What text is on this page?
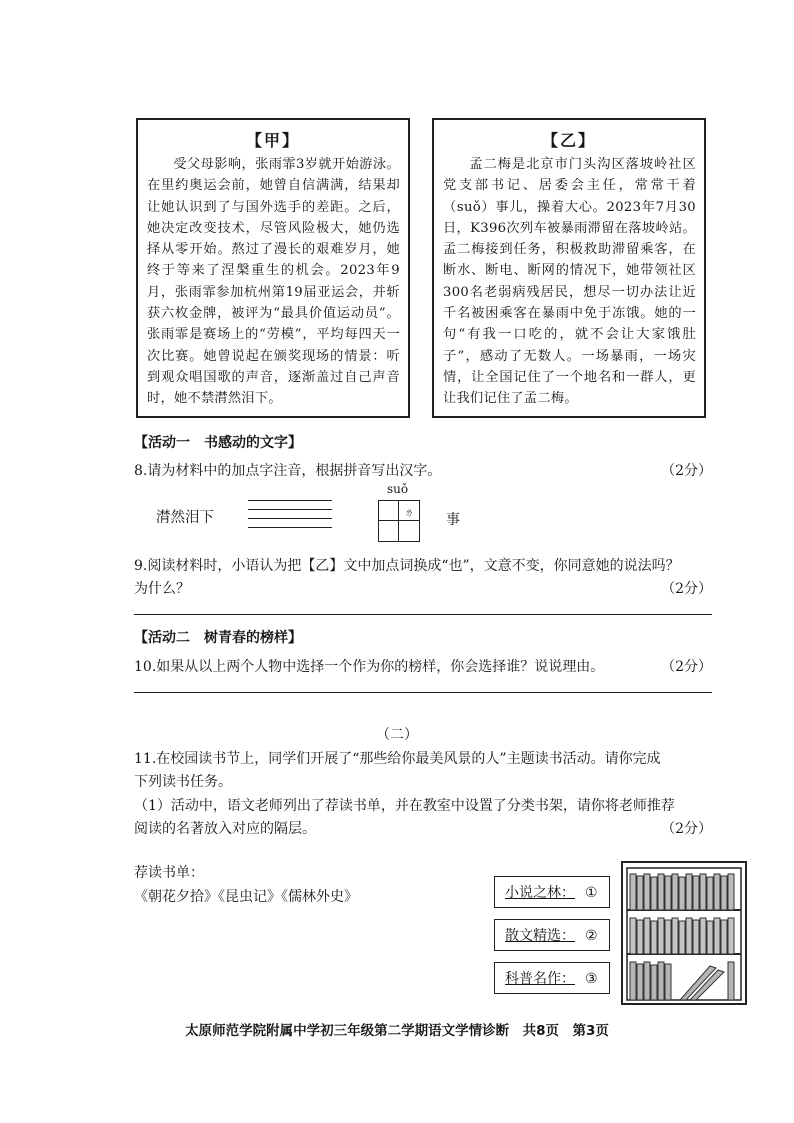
【甲】

受父母影响，张雨霏3岁就开始游泳。在里约奥运会前，她曾自信满满，结果却让她认识到了与国外选手的差距。之后，她决定改变技术，尽管风险极大，她仍选择从零开始。熬过了漫长的艰难岁月，她终于等来了涅槃重生的机会。2023年9月，张雨霏参加杭州第19届亚运会，并斩获六枚金牌，被评为“最具价值运动员”。张雨霏是赛场上的“劳模”，平均每四天一次比赛。她曾说起在颁奖现场的情景：听到观众唱国歌的声音，逐渐盖过自己声音时，她不禁潸然泪下。

【乙】

孟二梅是北京市门头沟区落坡岭社区党支部书记、居委会主任，常常干着（suǒ）事儿，操着大心。2023年7月30日，K396次列车被暴雨滞留在落坡岭站。孟二梅接到任务，积极救助滞留乘客，在断水、断电、断网的情况下，她带领社区300名老弱病残居民，想尽一切办法让近千名被困乘客在暴雨中免于冻饿。她的一句“有我一口吃的，就不会让大家饿肚子”，感动了无数人。一场暴雨，一场灾情，让全国记住了一个地名和一群人，更让我们记住了孟二梅。

【活动一　书感动的文字】
8.请为材料中的加点字注音，根据拼音写出汉字。	（2分）
潸然泪下
suǒ
ㄌ 事
9.阅读材料时，小语认为把【乙】文中加点词换成“也”，文意不变，你同意她的说法吗？
为什么？	（2分）
【活动二　树青春的榜样】
10.如果从以上两个人物中选择一个作为你的榜样，你会选择谁？说说理由。	（2分）
（二）
11.在校园读书节上，同学们开展了“那些给你最美风景的人”主题读书活动。请你完成
下列读书任务。
（1）活动中，语文老师列出了荐读书单，并在教室中设置了分类书架，请你将老师推荐
阅读的名著放入对应的隔层。	（2分）
荐读书单：
《朝花夕拾》《昆虫记》《儒林外史》	小说之林： ①
散文精选： ②
科普名作： ③
太原师范学院附属中学初三年级第二学期语文学情诊断　共8页　第3页
